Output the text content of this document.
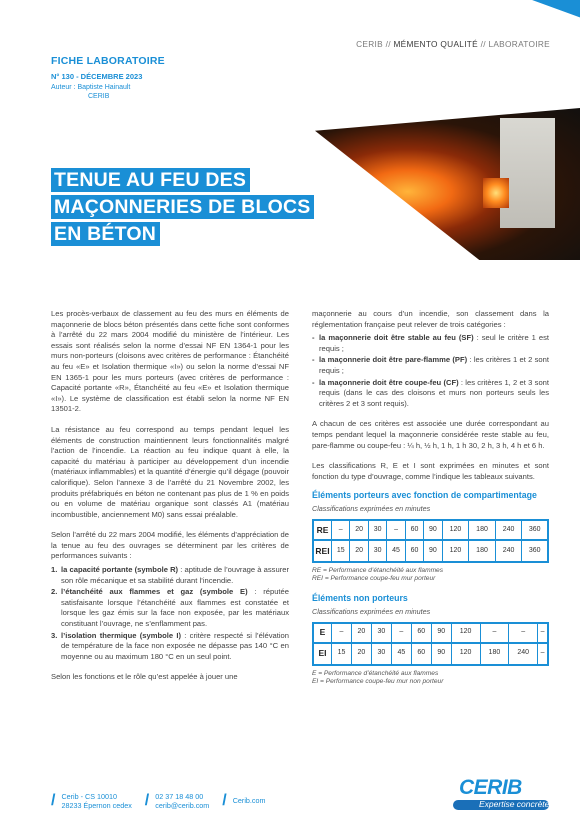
FICHE LABORATOIRE
N° 130 - DÉCEMBRE 2023
Auteur : Baptiste Hainault
CERIB
CERIB // MÉMENTO QUALITÉ // LABORATOIRE
TENUE AU FEU DES
MAÇONNERIES DE BLOCS
EN BÉTON

Les procès-verbaux de classement au feu des murs en éléments de maçonnerie de blocs béton présentés dans cette fiche sont conformes à l’arrêté du 22 mars 2004 modifié du ministère de l’intérieur. Les essais sont réalisés selon la norme d’essai NF EN 1364-1 pour les murs non-porteurs (cloisons avec critères de performance : Étanchéité au feu «E» et Isolation thermique «I») ou selon la norme d’essai NF EN 1365-1 pour les murs porteurs (avec critères de performance : Capacité portante «R», Étanchéité au feu «E» et Isolation thermique «I»). Le système de classification est établi selon la norme NF EN 13501-2.

La résistance au feu correspond au temps pendant lequel les éléments de construction maintiennent leurs fonctionnalités malgré l’action de l’incendie. La réaction au feu indique quant à elle, la capacité du matériau à participer au développement d’un incendie (matériaux inflammables) et la quantité d’énergie qu’il dégage (pouvoir calorifique). Selon l’annexe 3 de l’arrêté du 21 Novembre 2002, les produits préfabriqués en béton ne contenant pas plus de 1 % en poids ou en volume de matériau organique sont classés A1 (matériau incombustible, anciennement M0) sans essai préalable.

Selon l’arrêté du 22 mars 2004 modifié, les éléments d’appréciation de la tenue au feu des ouvrages se déterminent par les critères de performances suivants :

1. la capacité portante (symbole R) : aptitude de l’ouvrage à assurer son rôle mécanique et sa stabilité durant l’incendie.
2. l’étanchéité aux flammes et gaz (symbole E) : réputée satisfaisante lorsque l’étanchéité aux flammes est constatée et lorsque les gaz émis sur la face non exposée, par les matériaux constituant l’ouvrage, ne s’enflamment pas.
3. l’isolation thermique (symbole I) : critère respecté si l’élévation de température de la face non exposée ne dépasse pas 140 °C en moyenne ou au maximum 180 °C en un seul point.

Selon les fonctions et le rôle qu’est appelée à jouer une

maçonnerie au cours d’un incendie, son classement dans la réglementation française peut relever de trois catégories :

- la maçonnerie doit être stable au feu (SF) : seul le critère 1 est requis ;
- la maçonnerie doit être pare-flamme (PF) : les critères 1 et 2 sont requis ;
- la maçonnerie doit être coupe-feu (CF) : les critères 1, 2 et 3 sont requis (dans le cas des cloisons et murs non porteurs seuls les critères 2 et 3 sont requis).

A chacun de ces critères est associée une durée correspondant au temps pendant lequel la maçonnerie considérée reste stable au feu, pare-flamme ou coupe-feu : ¼ h, ½ h, 1 h, 1 h 30, 2 h, 3 h, 4 h et 6 h.

Les classifications R, E et I sont exprimées en minutes et sont fonction du type d’ouvrage, comme l’indique les tableaux suivants.

Éléments porteurs avec fonction de compartimentage
Classifications exprimées en minutes
RE	–	20	30	–	60	90	120	180	240	360
REI	15	20	30	45	60	90	120	180	240	360
RE = Performance d’étanchéité aux flammes
REI = Performance coupe-feu mur porteur
Éléments non porteurs
Classifications exprimées en minutes
E	–	20	30	–	60	90	120	–	–	–
EI	15	20	30	45	60	90	120	180	240	–
E = Performance d’étanchéité aux flammes
EI = Performance coupe-feu mur non porteur
/ Cerib - CS 10010
28233 Épernon cedex / 02 37 18 48 00
cerib@cerib.com / Cerib.com
CERIB
Expertise concrète
